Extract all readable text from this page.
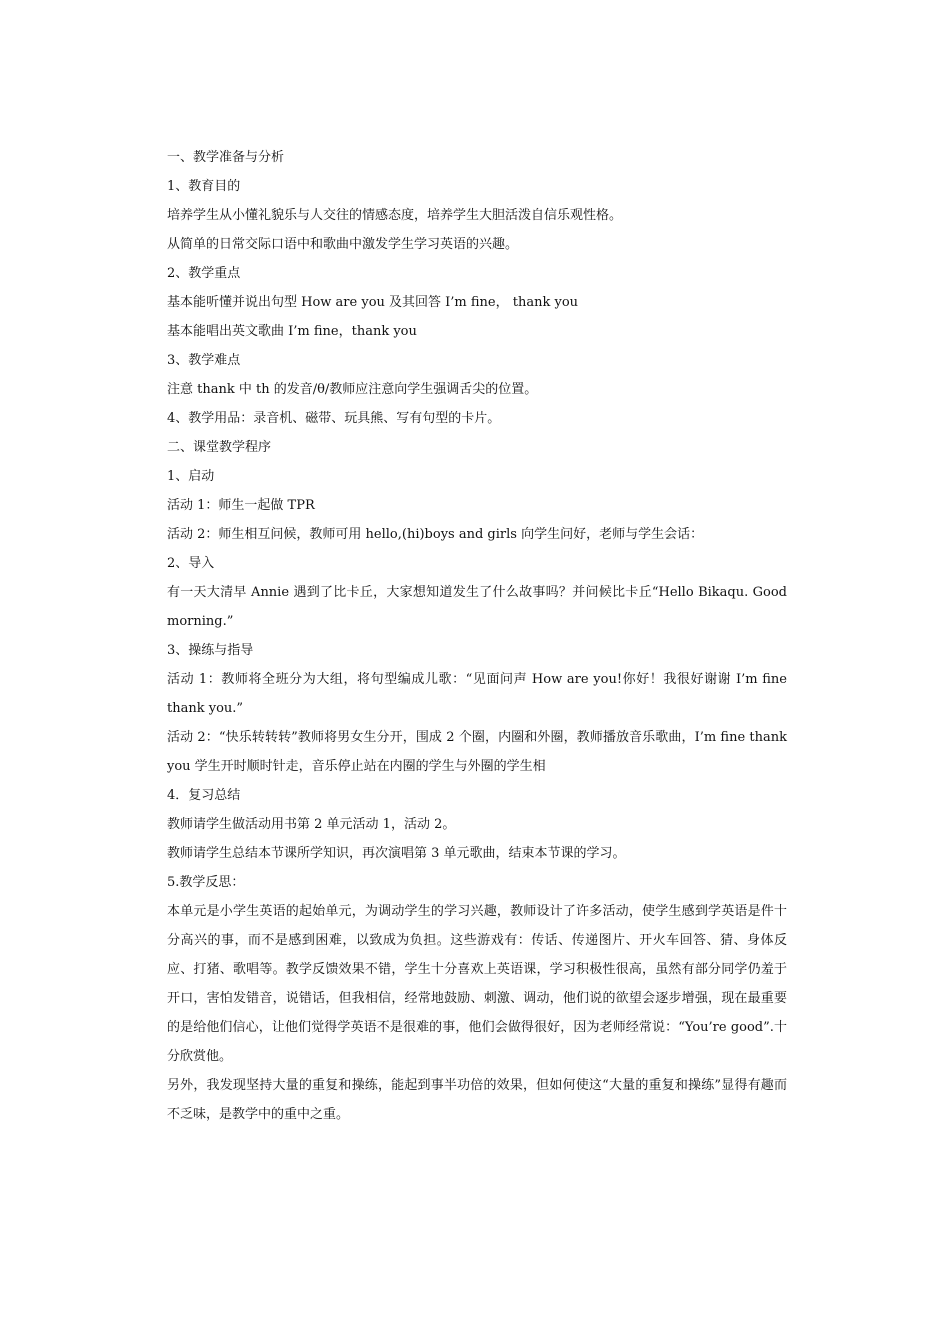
一、教学准备与分析

1、教育目的

培养学生从小懂礼貌乐与人交往的情感态度，培养学生大胆活泼自信乐观性格。

从简单的日常交际口语中和歌曲中激发学生学习英语的兴趣。

2、教学重点

基本能听懂并说出句型 How are you 及其回答 I’m fine， thank you

基本能唱出英文歌曲 I’m fine，thank you

3、教学难点

注意 thank 中 th 的发音/θ/教师应注意向学生强调舌尖的位置。

4、教学用品：录音机、磁带、玩具熊、写有句型的卡片。

二、课堂教学程序

1、启动

活动 1：师生一起做 TPR

活动 2：师生相互问候，教师可用 hello,(hi)boys and girls 向学生问好，老师与学生会话：

2、导入

有一天大清早 Annie 遇到了比卡丘，大家想知道发生了什么故事吗？并问候比卡丘“Hello Bikaqu. Good morning.”

3、操练与指导

活动 1：教师将全班分为大组，将句型编成儿歌：“见面问声 How are you!你好！我很好谢谢 I’m fine thank you.”

活动 2：“快乐转转转”教师将男女生分开，围成 2 个圈，内圈和外圈，教师播放音乐歌曲，I’m fine thank you 学生开时顺时针走，音乐停止站在内圈的学生与外圈的学生相

4．复习总结

教师请学生做活动用书第 2 单元活动 1，活动 2。

教师请学生总结本节课所学知识，再次演唱第 3 单元歌曲，结束本节课的学习。

5.教学反思：

本单元是小学生英语的起始单元，为调动学生的学习兴趣，教师设计了许多活动，使学生感到学英语是件十分高兴的事，而不是感到困难，以致成为负担。这些游戏有：传话、传递图片、开火车回答、猜、身体反应、打猪、歌唱等。教学反馈效果不错，学生十分喜欢上英语课，学习积极性很高，虽然有部分同学仍羞于开口，害怕发错音，说错话，但我相信，经常地鼓励、刺激、调动，他们说的欲望会逐步增强，现在最重要的是给他们信心，让他们觉得学英语不是很难的事，他们会做得很好，因为老师经常说：“You’re good”.十分欣赏他。

另外，我发现坚持大量的重复和操练，能起到事半功倍的效果，但如何使这“大量的重复和操练”显得有趣而不乏味，是教学中的重中之重。
